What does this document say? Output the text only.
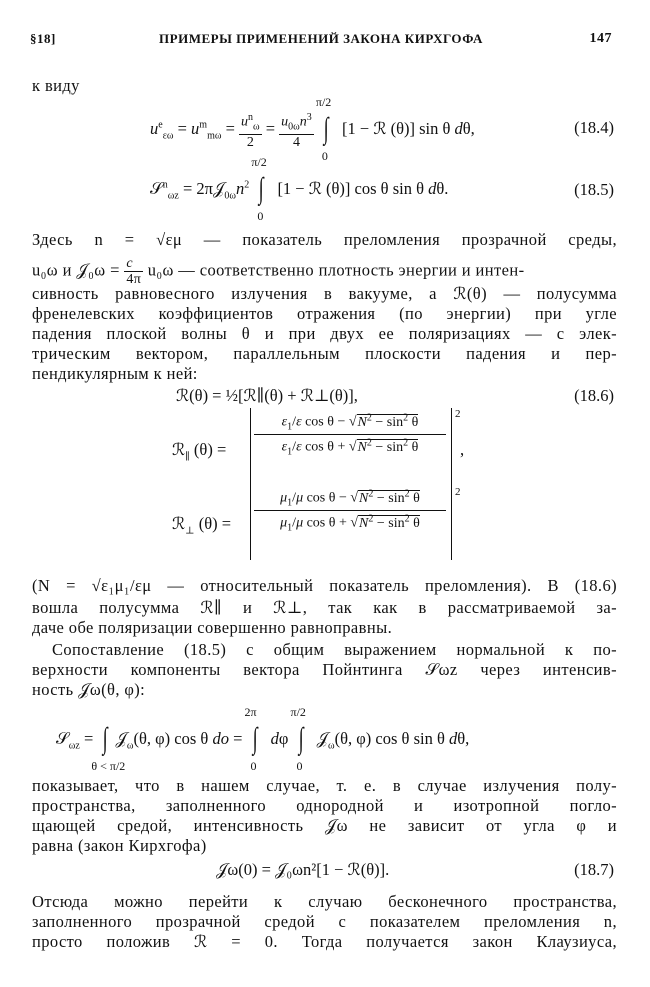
§18]	ПРИМЕРЫ ПРИМЕНЕНИЙ ЗАКОНА КИРХГОФА	147
к виду
$u^e_{\varepsilon\omega} = u^m_{m\omega} = \frac{u^n_\omega}{2} = \frac{u_{0\omega}n^3}{4}$

π/2
∫
0
[1 − ℛ (θ)] sin θ dθ,	(18.4)
𝒮$^n_{\omega z}$ = $2\pi 𝒥_{0\omega}n^2$
π/2
∫
0
[1 − ℛ (θ)] cos θ sin θ dθ.	(18.5)
Здесь n = √εμ — показатель преломления прозрачной среды,
u₀ω и 𝒥₀ω = $\frac{c}{4\pi} u_0\omega$ — соответственно плотность энергии и интен-
сивность равновесного излучения в вакууме, а ℛ(θ) — полусумма
френелевских коэффициентов отражения (по энергии) при угле
падения плоской волны θ и при двух ее поляризациях — с элек-
трическим вектором, параллельным плоскости падения и пер-
пендикулярным к ней:
ℛ(θ) = ½[ℛ∥(θ) + ℛ⊥(θ)],	(18.6)
ℛ$_\parallel$ (θ) =
$\varepsilon_1/\varepsilon$ $\cos \theta - √N^2 - \sin^2 \theta$
$\varepsilon_1/\varepsilon$ $\cos \theta + √N^2 - \sin^2 \theta$
2
,
ℛ$_\perp$ (θ) =
$\mu_1/\mu$ $\cos \theta - √N^2 - \sin^2 \theta$
$\mu_1/\mu$ $\cos \theta + √N^2 - \sin^2 \theta$
2
(N = √ε₁μ₁/εμ — относительный показатель преломления). В (18.6)
вошла полусумма ℛ∥ и ℛ⊥, так как в рассматриваемой за-
даче обе поляризации совершенно равноправны.
Сопоставление (18.5) с общим выражением нормальной к по-
верхности компоненты вектора Пойнтинга 𝒮ωz через интенсив-
ность 𝒥ω(θ, φ):
𝒮$_{\omega z}$ = ∫
θ < π/2
𝒥$_\omega$(θ, φ) cos θ do =
2π
∫
0
dφ
π/2
∫
0
𝒥$_\omega$(θ, φ) cos θ sin θ dθ,
показывает, что в нашем случае, т. е. в случае излучения полу-
пространства, заполненного однородной и изотропной погло-
щающей средой, интенсивность 𝒥ω не зависит от угла φ и
равна (закон Кирхгофа)
𝒥ω(0) = 𝒥₀ωn²[1 − ℛ(θ)].	(18.7)
Отсюда можно перейти к случаю бесконечного пространства,
заполненного прозрачной средой с показателем преломления n,
просто положив ℛ = 0. Тогда получается закон Клаузиуса,
